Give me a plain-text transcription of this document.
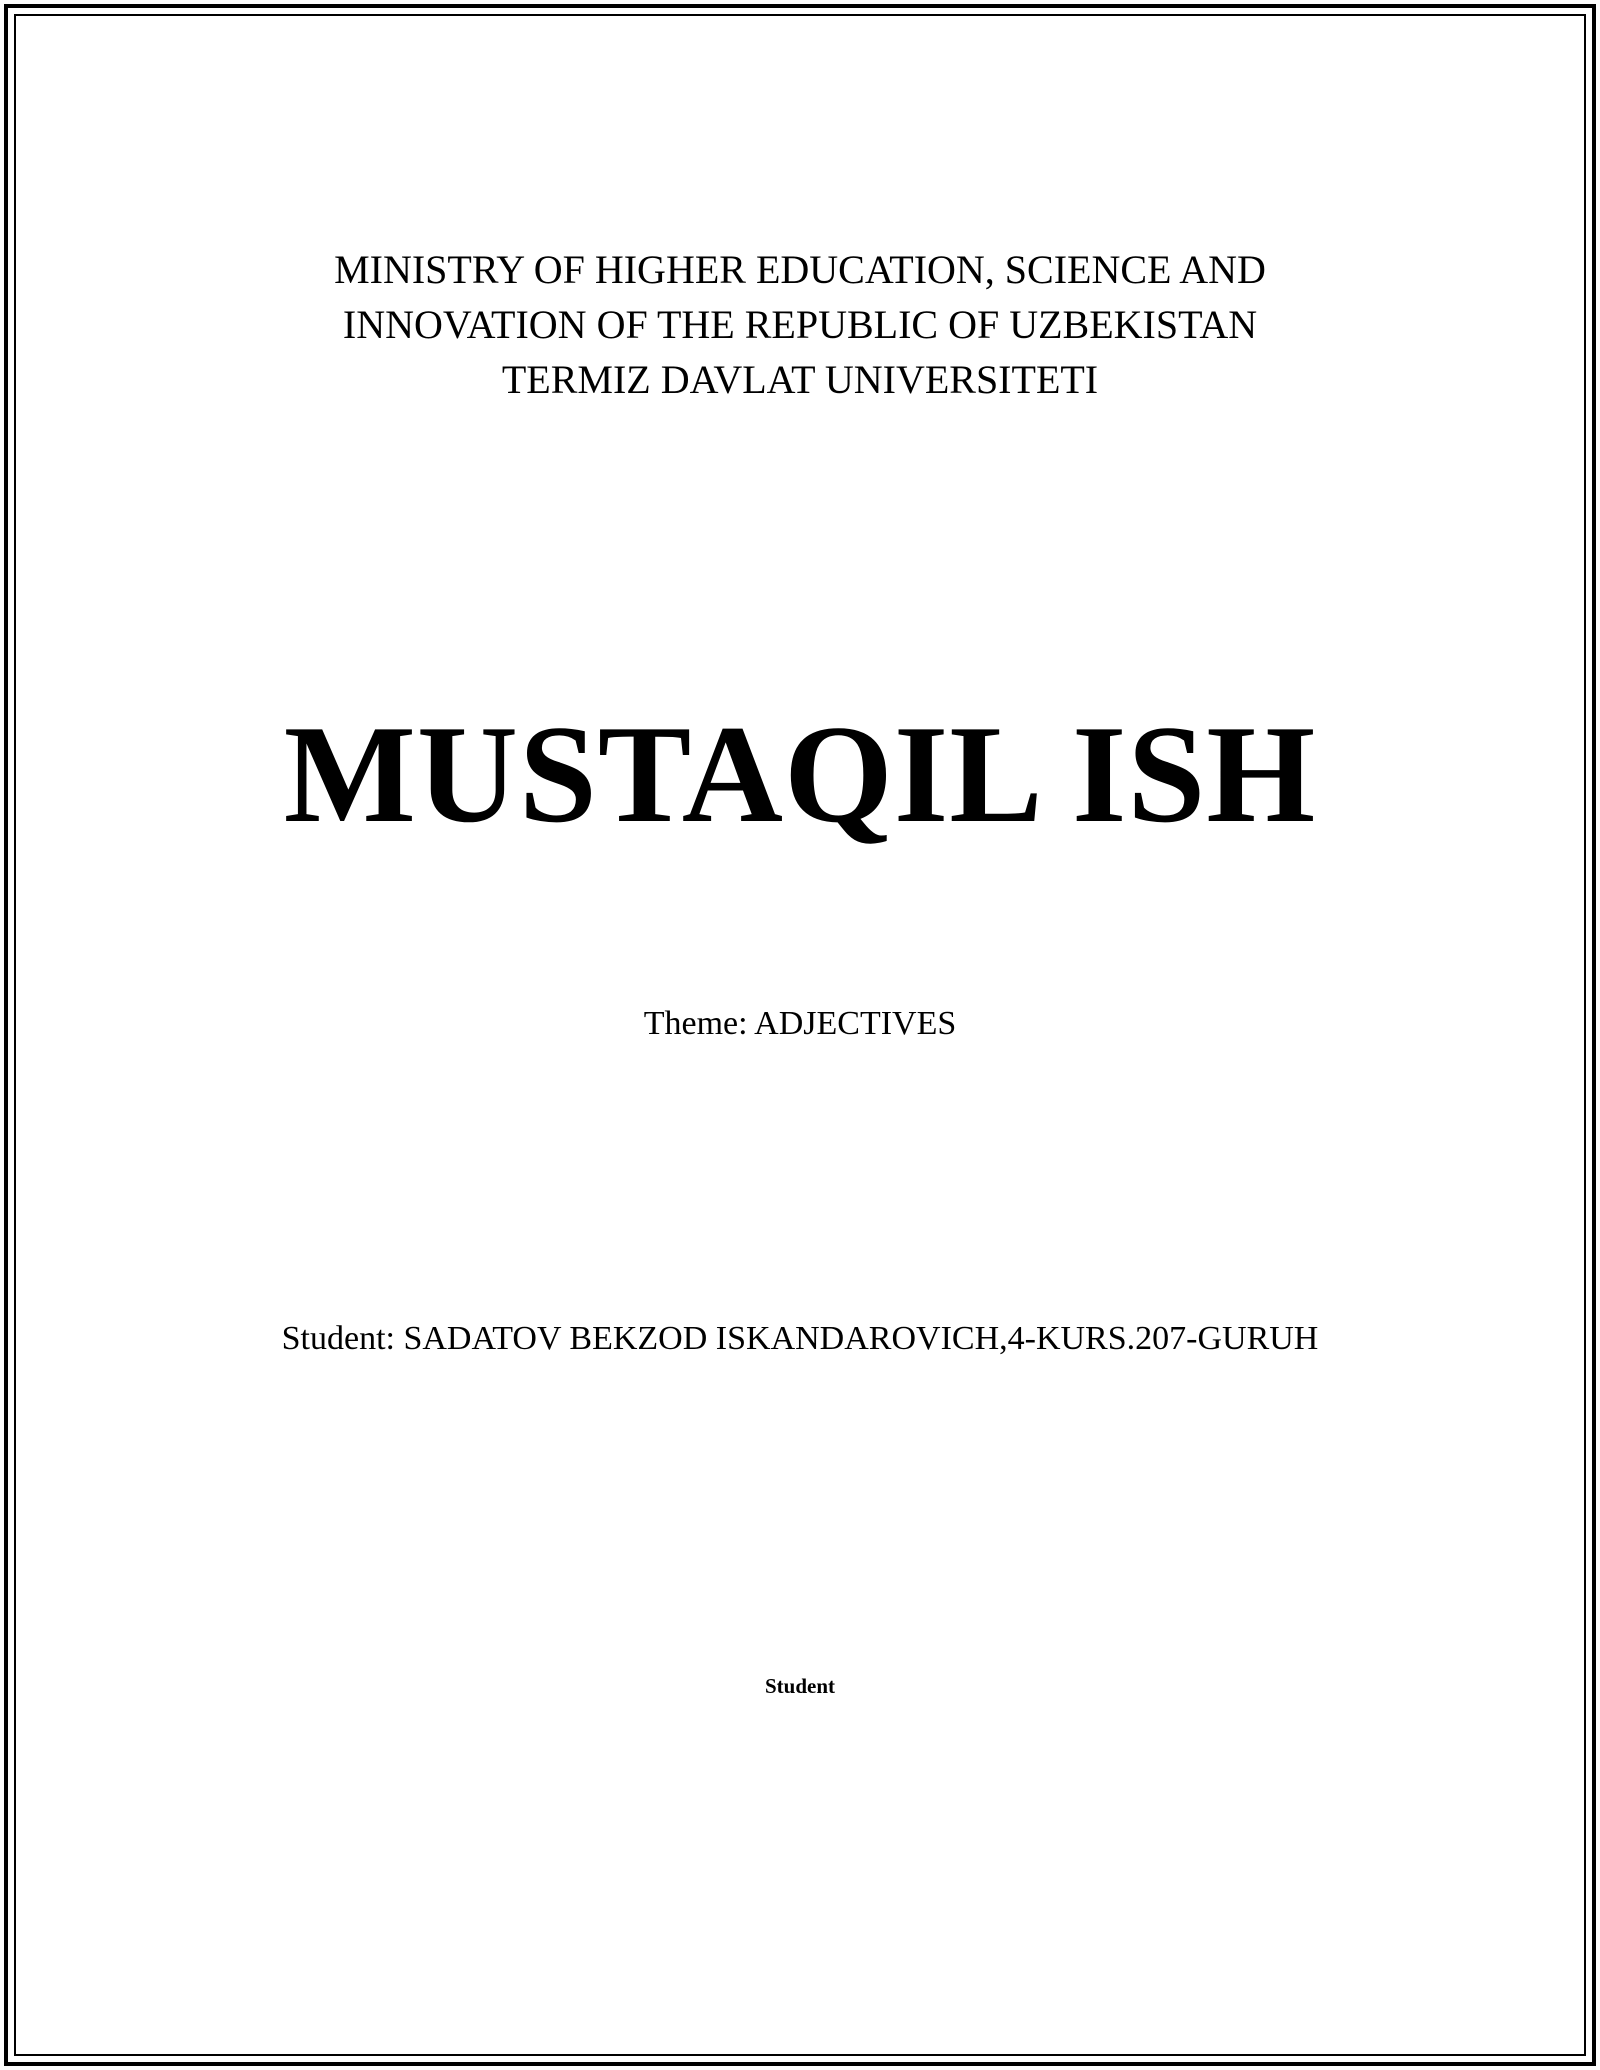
MINISTRY OF HIGHER EDUCATION, SCIENCE AND
INNOVATION OF THE REPUBLIC OF UZBEKISTAN
TERMIZ DAVLAT UNIVERSITETI
MUSTAQIL ISH
Theme: ADJECTIVES
Student: SADATOV BEKZOD ISKANDAROVICH,4-KURS.207-GURUH
Student
